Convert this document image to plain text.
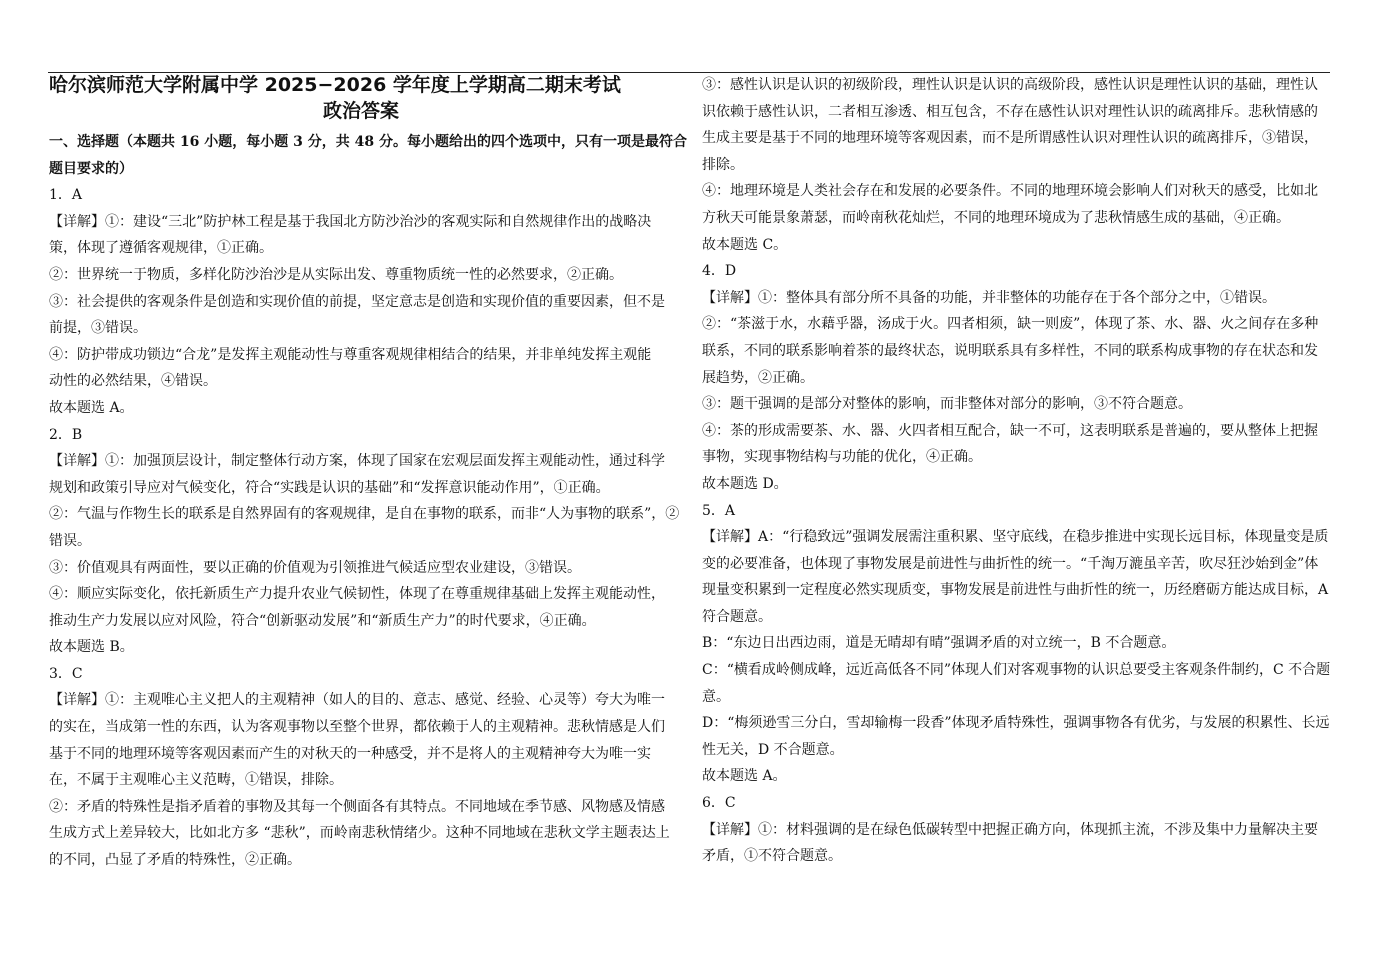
哈尔滨师范大学附属中学 2025−2026 学年度上学期高二期末考试
政治答案
一、选择题（本题共 16 小题，每小题 3 分，共 48 分。每小题给出的四个选项中，只有一项是最符合
题目要求的）
1．A
【详解】①：建设“三北”防护林工程是基于我国北方防沙治沙的客观实际和自然规律作出的战略决
策，体现了遵循客观规律，①正确。
②：世界统一于物质，多样化防沙治沙是从实际出发、尊重物质统一性的必然要求，②正确。
③：社会提供的客观条件是创造和实现价值的前提，坚定意志是创造和实现价值的重要因素，但不是
前提，③错误。
④：防护带成功锁边“合龙”是发挥主观能动性与尊重客观规律相结合的结果，并非单纯发挥主观能
动性的必然结果，④错误。
故本题选 A。
2．B
【详解】①：加强顶层设计，制定整体行动方案，体现了国家在宏观层面发挥主观能动性，通过科学
规划和政策引导应对气候变化，符合“实践是认识的基础”和“发挥意识能动作用”，①正确。
②：气温与作物生长的联系是自然界固有的客观规律，是自在事物的联系，而非“人为事物的联系”，②
错误。
③：价值观具有两面性，要以正确的价值观为引领推进气候适应型农业建设，③错误。
④：顺应实际变化，依托新质生产力提升农业气候韧性，体现了在尊重规律基础上发挥主观能动性，
推动生产力发展以应对风险，符合“创新驱动发展”和“新质生产力”的时代要求，④正确。
故本题选 B。
3．C
【详解】①：主观唯心主义把人的主观精神（如人的目的、意志、感觉、经验、心灵等）夸大为唯一
的实在，当成第一性的东西，认为客观事物以至整个世界，都依赖于人的主观精神。悲秋情感是人们
基于不同的地理环境等客观因素而产生的对秋天的一种感受，并不是将人的主观精神夸大为唯一实
在，不属于主观唯心主义范畴，①错误，排除。
②：矛盾的特殊性是指矛盾着的事物及其每一个侧面各有其特点。不同地域在季节感、风物感及情感
生成方式上差异较大，比如北方多 “悲秋”，而岭南悲秋情绪少。这种不同地域在悲秋文学主题表达上
的不同，凸显了矛盾的特殊性，②正确。
③：感性认识是认识的初级阶段，理性认识是认识的高级阶段，感性认识是理性认识的基础，理性认
识依赖于感性认识，二者相互渗透、相互包含，不存在感性认识对理性认识的疏离排斥。悲秋情感的
生成主要是基于不同的地理环境等客观因素，而不是所谓感性认识对理性认识的疏离排斥，③错误，
排除。
④：地理环境是人类社会存在和发展的必要条件。不同的地理环境会影响人们对秋天的感受，比如北
方秋天可能景象萧瑟，而岭南秋花灿烂，不同的地理环境成为了悲秋情感生成的基础，④正确。
故本题选 C。
4．D
【详解】①：整体具有部分所不具备的功能，并非整体的功能存在于各个部分之中，①错误。
②：“茶滋于水，水藉乎器，汤成于火。四者相须，缺一则废”，体现了茶、水、器、火之间存在多种
联系，不同的联系影响着茶的最终状态，说明联系具有多样性，不同的联系构成事物的存在状态和发
展趋势，②正确。
③：题干强调的是部分对整体的影响，而非整体对部分的影响，③不符合题意。
④：茶的形成需要茶、水、器、火四者相互配合，缺一不可，这表明联系是普遍的，要从整体上把握
事物，实现事物结构与功能的优化，④正确。
故本题选 D。
5．A
【详解】A：“行稳致远”强调发展需注重积累、坚守底线，在稳步推进中实现长远目标，体现量变是质
变的必要准备，也体现了事物发展是前进性与曲折性的统一。“千淘万漉虽辛苦，吹尽狂沙始到金”体
现量变积累到一定程度必然实现质变，事物发展是前进性与曲折性的统一，历经磨砺方能达成目标，A
符合题意。
B：“东边日出西边雨，道是无晴却有晴”强调矛盾的对立统一，B 不合题意。
C：“横看成岭侧成峰，远近高低各不同”体现人们对客观事物的认识总要受主客观条件制约，C 不合题
意。
D：“梅须逊雪三分白，雪却输梅一段香”体现矛盾特殊性，强调事物各有优劣，与发展的积累性、长远
性无关，D 不合题意。
故本题选 A。
6．C
【详解】①：材料强调的是在绿色低碳转型中把握正确方向，体现抓主流，不涉及集中力量解决主要
矛盾，①不符合题意。
